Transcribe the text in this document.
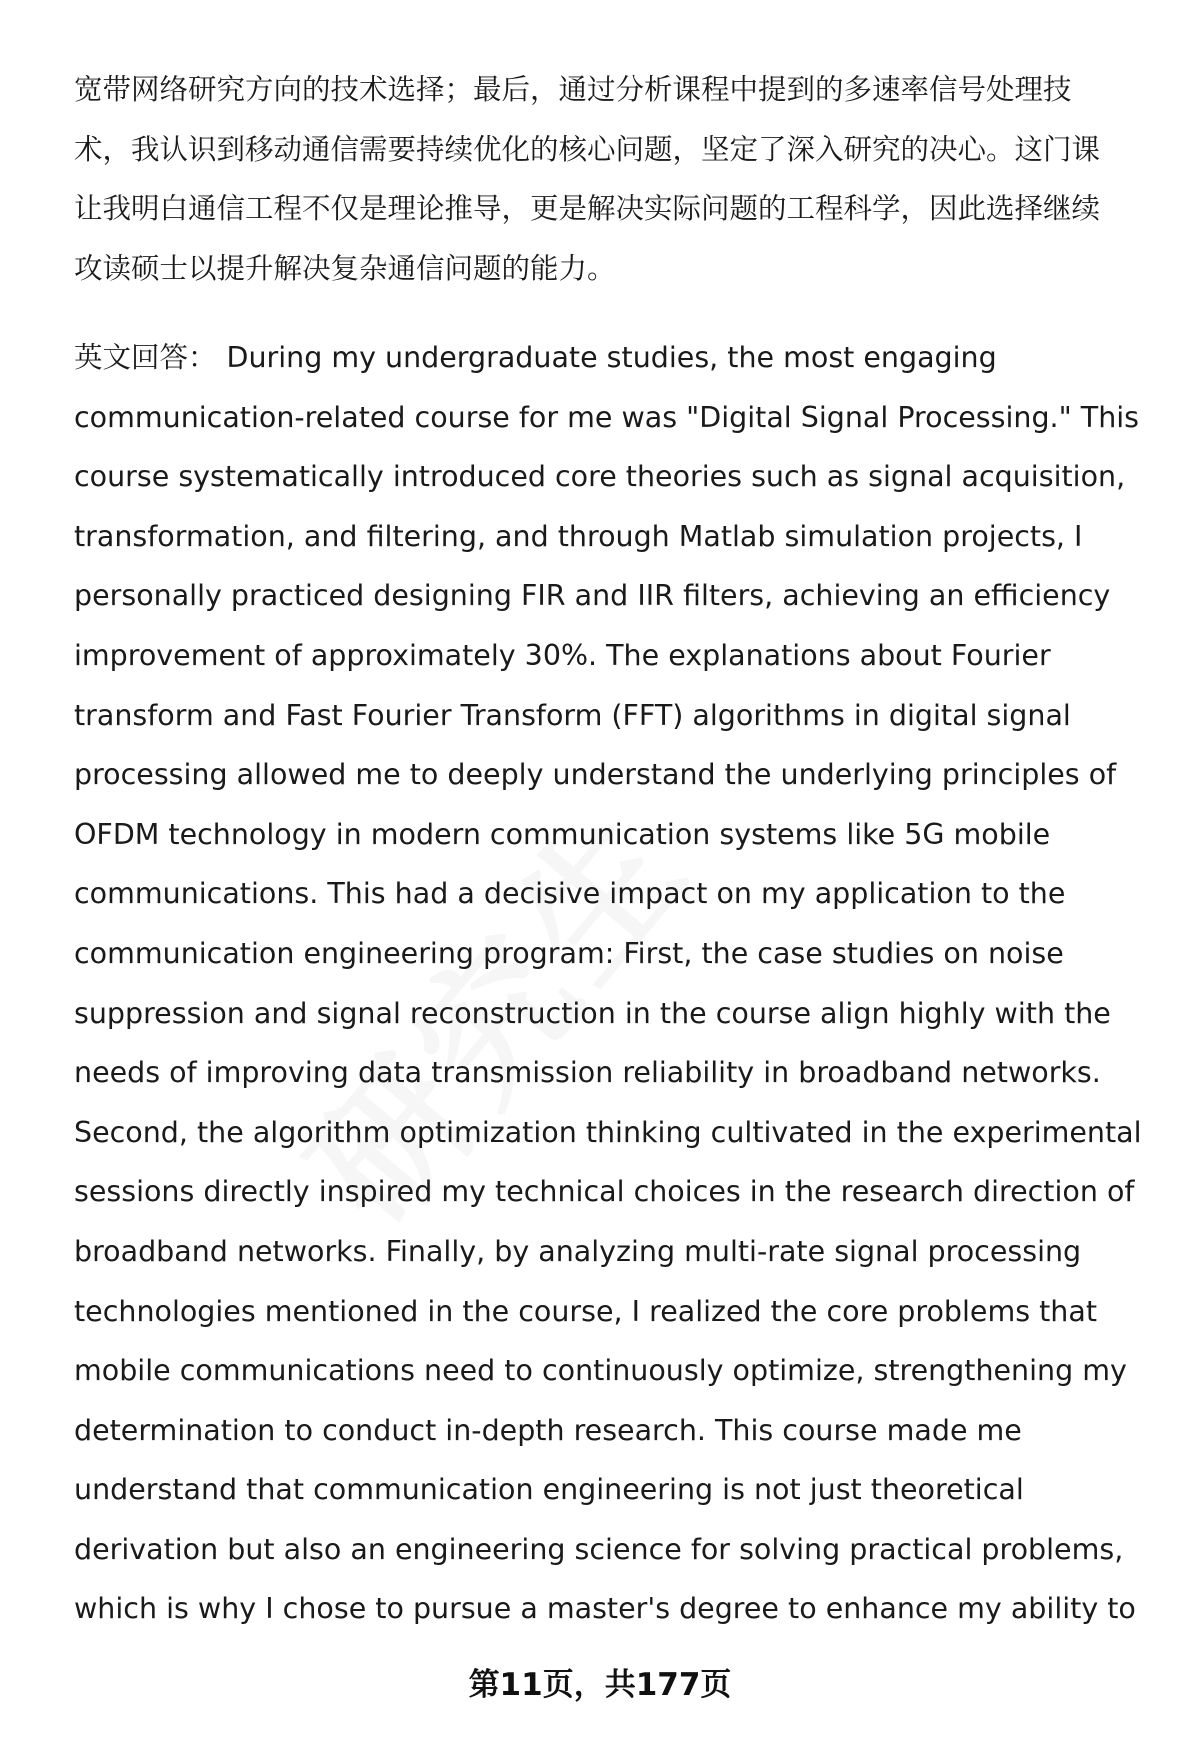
宽带网络研究方向的技术选择；最后，通过分析课程中提到的多速率信号处理技
术，我认识到移动通信需要持续优化的核心问题，坚定了深入研究的决心。这门课
让我明白通信工程不仅是理论推导，更是解决实际问题的工程科学，因此选择继续
攻读硕士以提升解决复杂通信问题的能力。
英文回答： During my undergraduate studies, the most engaging
communication-related course for me was "Digital Signal Processing." This
course systematically introduced core theories such as signal acquisition,
transformation, and filtering, and through Matlab simulation projects, I
personally practiced designing FIR and IIR filters, achieving an efficiency
improvement of approximately 30%. The explanations about Fourier
transform and Fast Fourier Transform (FFT) algorithms in digital signal
processing allowed me to deeply understand the underlying principles of
OFDM technology in modern communication systems like 5G mobile
communications. This had a decisive impact on my application to the
communication engineering program: First, the case studies on noise
suppression and signal reconstruction in the course align highly with the
needs of improving data transmission reliability in broadband networks.
Second, the algorithm optimization thinking cultivated in the experimental
sessions directly inspired my technical choices in the research direction of
broadband networks. Finally, by analyzing multi-rate signal processing
technologies mentioned in the course, I realized the core problems that
mobile communications need to continuously optimize, strengthening my
determination to conduct in-depth research. This course made me
understand that communication engineering is not just theoretical
derivation but also an engineering science for solving practical problems,
which is why I chose to pursue a master's degree to enhance my ability to
第11页，共177页
